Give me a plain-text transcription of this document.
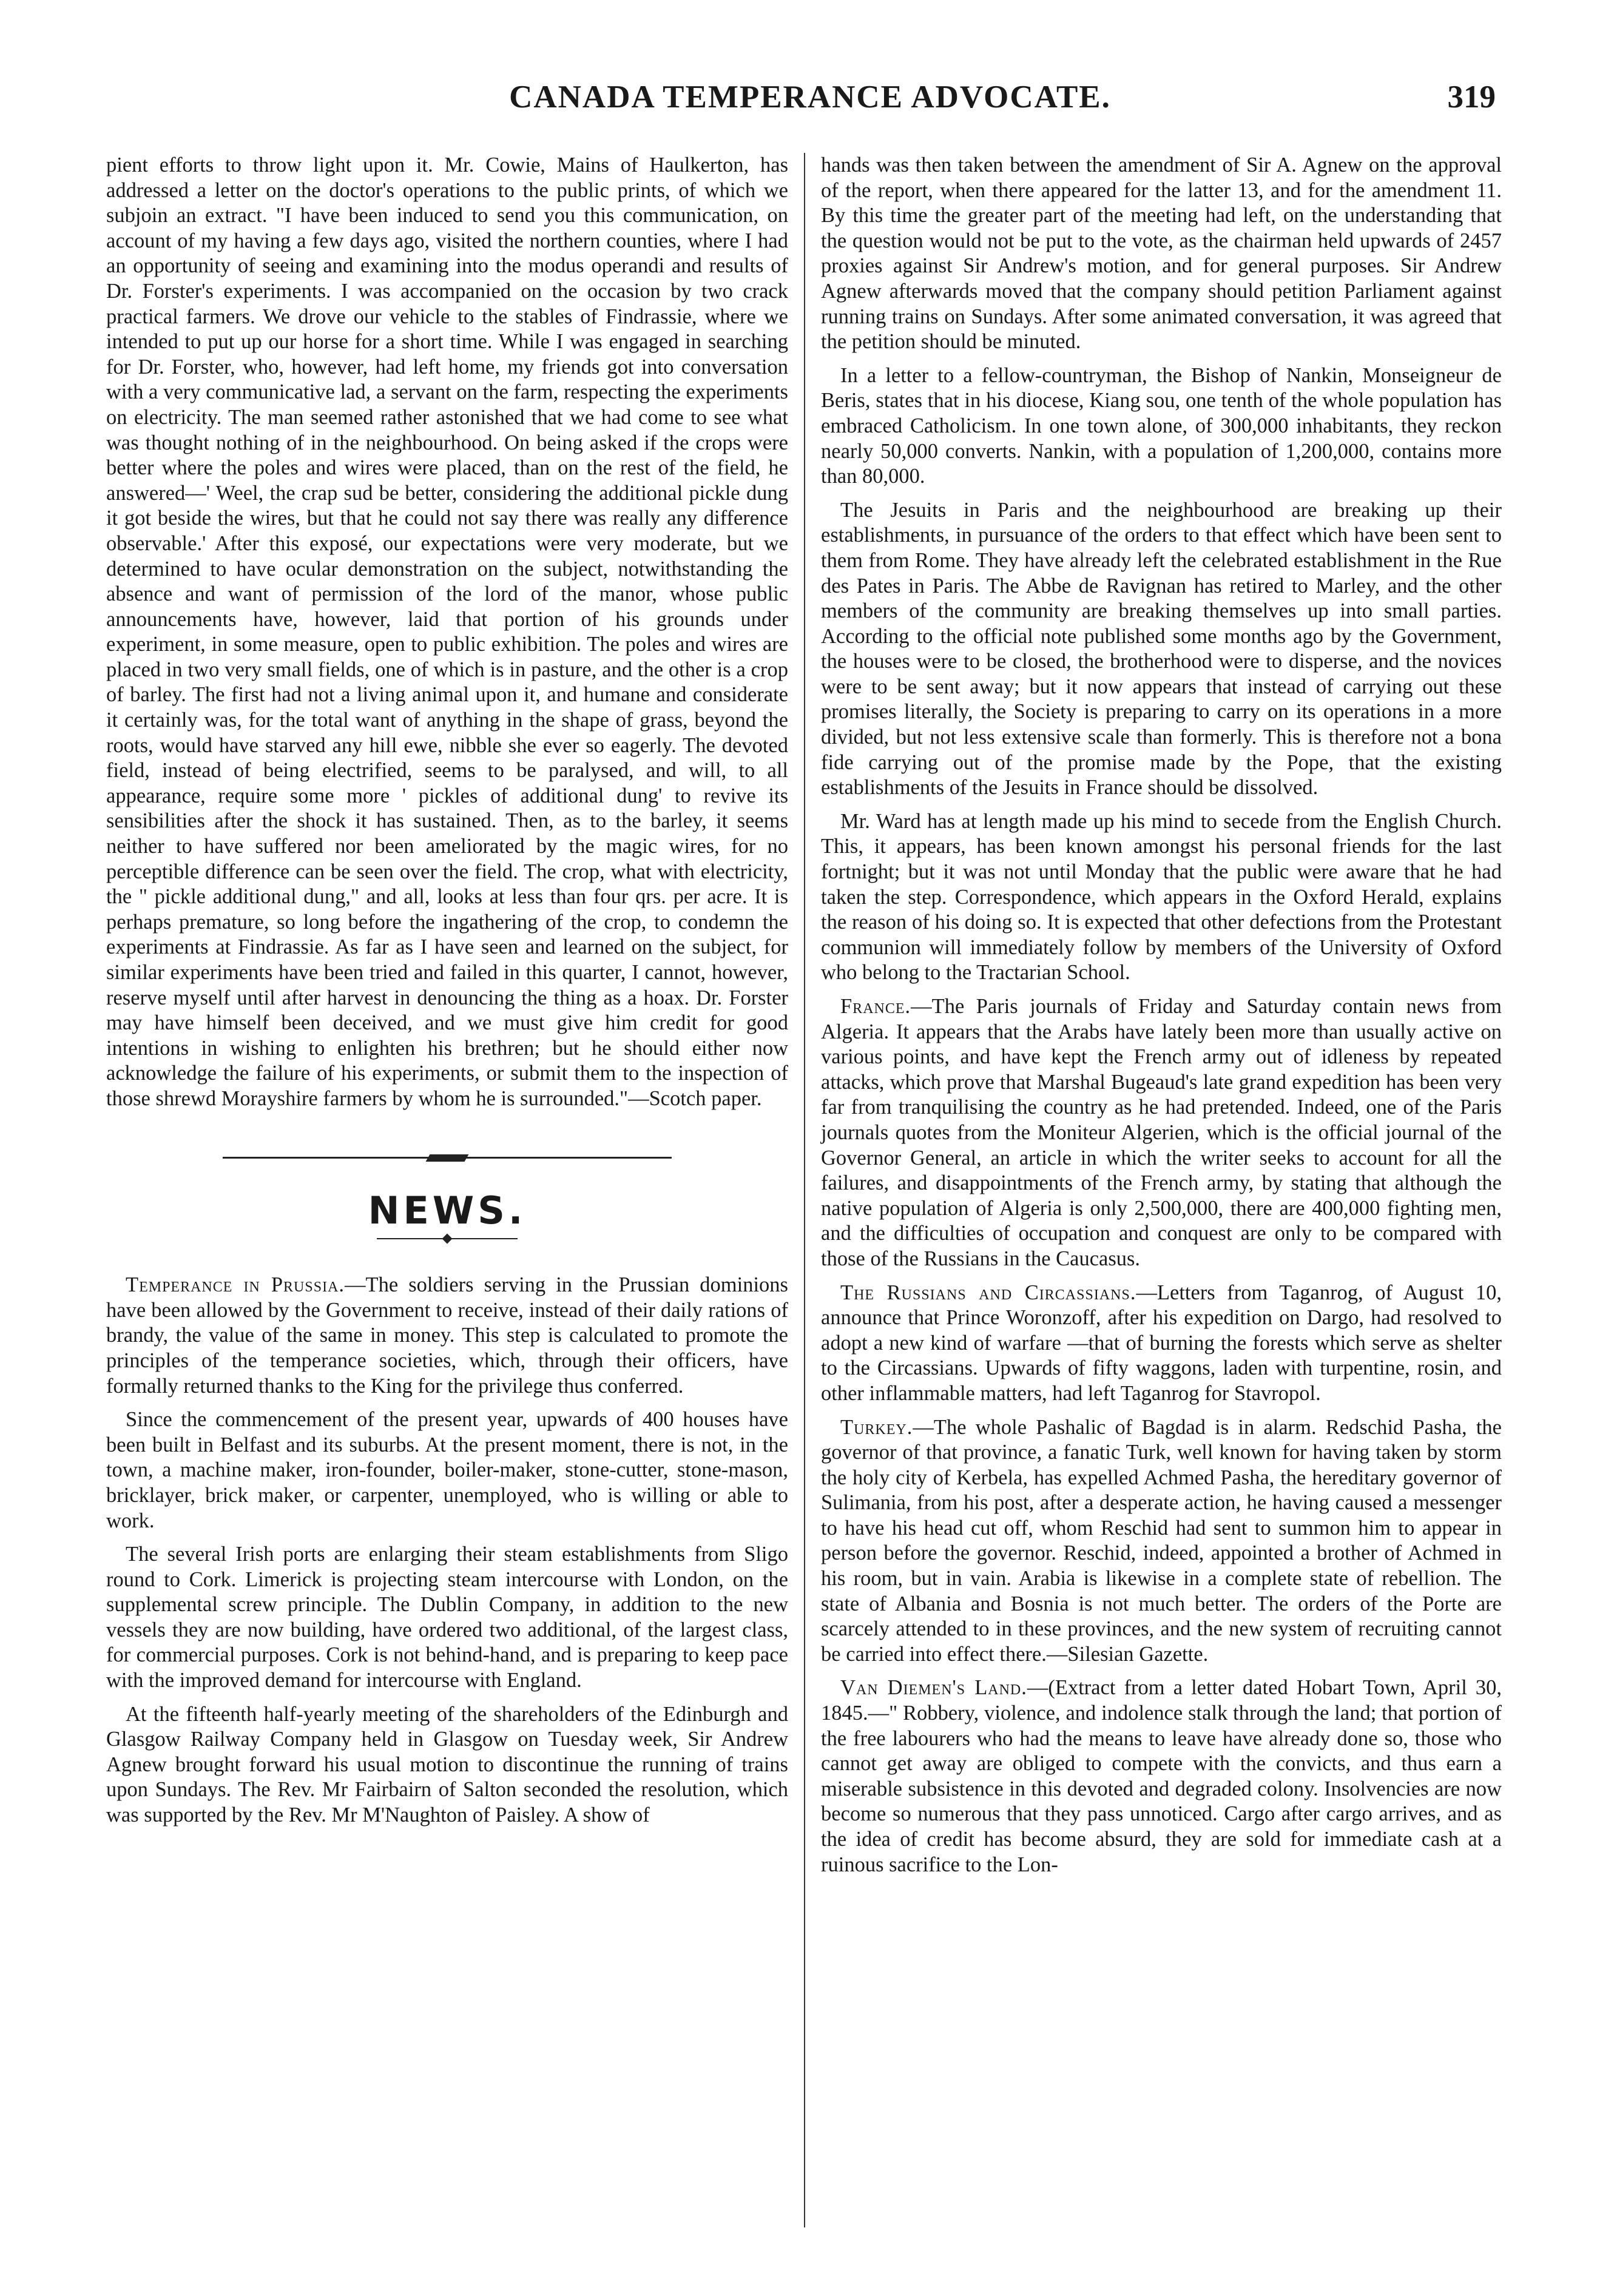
CANADA TEMPERANCE ADVOCATE.	319

pient efforts to throw light upon it. Mr. Cowie, Mains of Haulkerton, has addressed a letter on the doctor's operations to the public prints, of which we subjoin an extract. "I have been induced to send you this communication, on account of my having a few days ago, visited the northern counties, where I had an opportunity of seeing and examining into the modus operandi and results of Dr. Forster's experiments. I was accompanied on the occasion by two crack practical farmers. We drove our vehicle to the stables of Findrassie, where we intended to put up our horse for a short time. While I was engaged in searching for Dr. Forster, who, however, had left home, my friends got into conversation with a very communicative lad, a servant on the farm, respecting the experiments on electricity. The man seemed rather astonished that we had come to see what was thought nothing of in the neighbourhood. On being asked if the crops were better where the poles and wires were placed, than on the rest of the field, he answered—' Weel, the crap sud be better, considering the additional pickle dung it got beside the wires, but that he could not say there was really any difference observable.' After this exposé, our expectations were very moderate, but we determined to have ocular demonstration on the subject, notwithstanding the absence and want of permission of the lord of the manor, whose public announcements have, however, laid that portion of his grounds under experiment, in some measure, open to public exhibition. The poles and wires are placed in two very small fields, one of which is in pasture, and the other is a crop of barley. The first had not a living animal upon it, and humane and considerate it certainly was, for the total want of anything in the shape of grass, beyond the roots, would have starved any hill ewe, nibble she ever so eagerly. The devoted field, instead of being electrified, seems to be paralysed, and will, to all appearance, require some more ' pickles of additional dung' to revive its sensibilities after the shock it has sustained. Then, as to the barley, it seems neither to have suffered nor been ameliorated by the magic wires, for no perceptible difference can be seen over the field. The crop, what with electricity, the " pickle additional dung," and all, looks at less than four qrs. per acre. It is perhaps premature, so long before the ingathering of the crop, to condemn the experiments at Findrassie. As far as I have seen and learned on the subject, for similar experiments have been tried and failed in this quarter, I cannot, however, reserve myself until after harvest in denouncing the thing as a hoax. Dr. Forster may have himself been deceived, and we must give him credit for good intentions in wishing to enlighten his brethren; but he should either now acknowledge the failure of his experiments, or submit them to the inspection of those shrewd Morayshire farmers by whom he is surrounded."—Scotch paper.

NEWS.

Temperance in Prussia.—The soldiers serving in the Prussian dominions have been allowed by the Government to receive, instead of their daily rations of brandy, the value of the same in money. This step is calculated to promote the principles of the temperance societies, which, through their officers, have formally returned thanks to the King for the privilege thus conferred.

Since the commencement of the present year, upwards of 400 houses have been built in Belfast and its suburbs. At the present moment, there is not, in the town, a machine maker, iron-founder, boiler-maker, stone-cutter, stone-mason, bricklayer, brick maker, or carpenter, unemployed, who is willing or able to work.

The several Irish ports are enlarging their steam establishments from Sligo round to Cork. Limerick is projecting steam intercourse with London, on the supplemental screw principle. The Dublin Company, in addition to the new vessels they are now building, have ordered two additional, of the largest class, for commercial purposes. Cork is not behind-hand, and is preparing to keep pace with the improved demand for intercourse with England.

At the fifteenth half-yearly meeting of the shareholders of the Edinburgh and Glasgow Railway Company held in Glasgow on Tuesday week, Sir Andrew Agnew brought forward his usual motion to discontinue the running of trains upon Sundays. The Rev. Mr Fairbairn of Salton seconded the resolution, which was supported by the Rev. Mr M'Naughton of Paisley. A show of

hands was then taken between the amendment of Sir A. Agnew on the approval of the report, when there appeared for the latter 13, and for the amendment 11. By this time the greater part of the meeting had left, on the understanding that the question would not be put to the vote, as the chairman held upwards of 2457 proxies against Sir Andrew's motion, and for general purposes. Sir Andrew Agnew afterwards moved that the company should petition Parliament against running trains on Sundays. After some animated conversation, it was agreed that the petition should be minuted.

In a letter to a fellow-countryman, the Bishop of Nankin, Monseigneur de Beris, states that in his diocese, Kiang sou, one tenth of the whole population has embraced Catholicism. In one town alone, of 300,000 inhabitants, they reckon nearly 50,000 converts. Nankin, with a population of 1,200,000, contains more than 80,000.

The Jesuits in Paris and the neighbourhood are breaking up their establishments, in pursuance of the orders to that effect which have been sent to them from Rome. They have already left the celebrated establishment in the Rue des Pates in Paris. The Abbe de Ravignan has retired to Marley, and the other members of the community are breaking themselves up into small parties. According to the official note published some months ago by the Government, the houses were to be closed, the brotherhood were to disperse, and the novices were to be sent away; but it now appears that instead of carrying out these promises literally, the Society is preparing to carry on its operations in a more divided, but not less extensive scale than formerly. This is therefore not a bona fide carrying out of the promise made by the Pope, that the existing establishments of the Jesuits in France should be dissolved.

Mr. Ward has at length made up his mind to secede from the English Church. This, it appears, has been known amongst his personal friends for the last fortnight; but it was not until Monday that the public were aware that he had taken the step. Correspondence, which appears in the Oxford Herald, explains the reason of his doing so. It is expected that other defections from the Protestant communion will immediately follow by members of the University of Oxford who belong to the Tractarian School.

France.—The Paris journals of Friday and Saturday contain news from Algeria. It appears that the Arabs have lately been more than usually active on various points, and have kept the French army out of idleness by repeated attacks, which prove that Marshal Bugeaud's late grand expedition has been very far from tranquilising the country as he had pretended. Indeed, one of the Paris journals quotes from the Moniteur Algerien, which is the official journal of the Governor General, an article in which the writer seeks to account for all the failures, and disappointments of the French army, by stating that although the native population of Algeria is only 2,500,000, there are 400,000 fighting men, and the difficulties of occupation and conquest are only to be compared with those of the Russians in the Caucasus.

The Russians and Circassians.—Letters from Taganrog, of August 10, announce that Prince Woronzoff, after his expedition on Dargo, had resolved to adopt a new kind of warfare —that of burning the forests which serve as shelter to the Circassians. Upwards of fifty waggons, laden with turpentine, rosin, and other inflammable matters, had left Taganrog for Stavropol.

Turkey.—The whole Pashalic of Bagdad is in alarm. Redschid Pasha, the governor of that province, a fanatic Turk, well known for having taken by storm the holy city of Kerbela, has expelled Achmed Pasha, the hereditary governor of Sulimania, from his post, after a desperate action, he having caused a messenger to have his head cut off, whom Reschid had sent to summon him to appear in person before the governor. Reschid, indeed, appointed a brother of Achmed in his room, but in vain. Arabia is likewise in a complete state of rebellion. The state of Albania and Bosnia is not much better. The orders of the Porte are scarcely attended to in these provinces, and the new system of recruiting cannot be carried into effect there.—Silesian Gazette.

Van Diemen's Land.—(Extract from a letter dated Hobart Town, April 30, 1845.—" Robbery, violence, and indolence stalk through the land; that portion of the free labourers who had the means to leave have already done so, those who cannot get away are obliged to compete with the convicts, and thus earn a miserable subsistence in this devoted and degraded colony. Insolvencies are now become so numerous that they pass unnoticed. Cargo after cargo arrives, and as the idea of credit has become absurd, they are sold for immediate cash at a ruinous sacrifice to the Lon-
